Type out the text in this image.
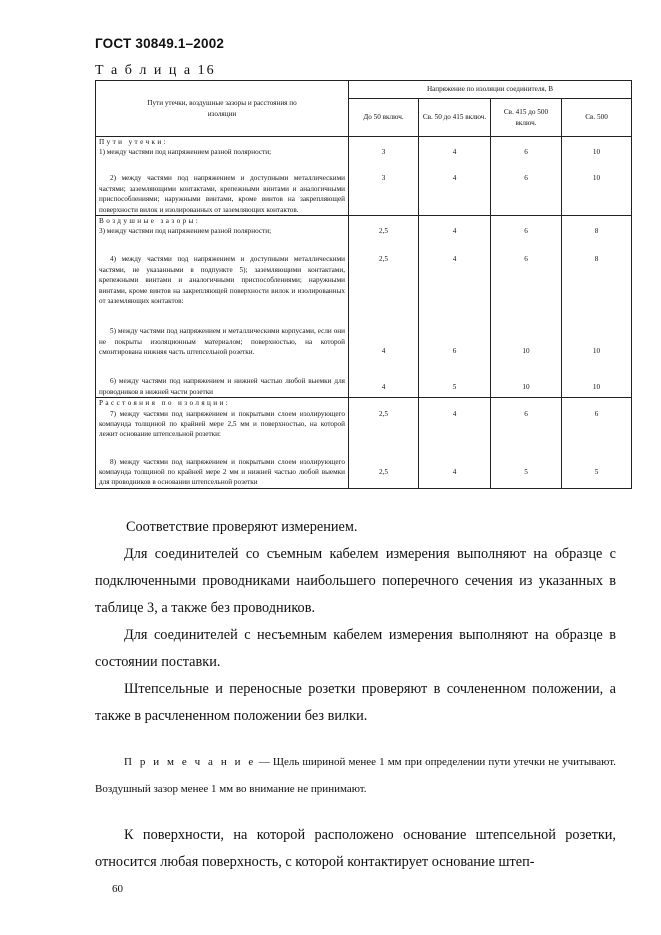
ГОСТ 30849.1–2002
Т а б л и ц а 16
Пути утечки, воздушные зазоры и расстояния по изоляции	Напряжение по изоляции соединителя, В			
	До 50 включ.	Св. 50 до 415 включ.	Св. 415 до 500 включ.	Св. 500
Пути утечки:				
1) между частями под напряжением разной полярности;	3	4	6	10
2) между частями под напряжением и доступными металлическими частями; заземляющими контактами, крепежными винтами и аналогичными приспособлениями; наружными винтами, кроме винтов на закрепляющей поверхности вилок и изолированных от заземляющих контактов.	3	4	6	10
Воздушные зазоры:				
3) между частями под напряжением разной полярности;	2,5	4	6	8
4) между частями под напряжением и доступными металлическими частями, не указанными в подпункте 5); заземляющими контактами, крепежными винтами и аналогичными приспособлениями; наружными винтами, кроме винтов на закрепляющей поверхности вилок и изолированных от заземляющих контактов:	2,5	4	6	8
5) между частями под напряжением и металлическими корпусами, если они не покрыты изоляционным материалом; поверхностью, на которой смонтирована нижняя часть штепсельной розетки.	4	6	10	10
6) между частями под напряжением и нижней частью любой выемки для проводников в нижней части розетки	4	5	10	10
Расстояния по изоляции:				
7) между частями под напряжением и покрытыми слоем изолирующего компаунда толщиной по крайней мере 2,5 мм и поверхностью, на которой лежит основание штепсельной розетки:	2,5	4	6	6
8) между частями под напряжением и покрытыми слоем изолирующего компаунда толщиной по крайней мере 2 мм и нижней частью любой выемки для проводников в основании штепсельной розетки	2,5	4	5	5

Соответствие проверяют измерением.

Для соединителей со съемным кабелем измерения выполняют на образце с подключенными проводниками наибольшего поперечного сечения из указанных в таблице 3, а также без проводников.

Для соединителей с несъемным кабелем измерения выполняют на образце в состоянии поставки.

Штепсельные и переносные розетки проверяют в сочлененном положении, а также в расчлененном положении без вилки.

П р и м е ч а н и е — Щель шириной менее 1 мм при определении пути утечки не учитывают. Воздушный зазор менее 1 мм во внимание не принимают.

К поверхности, на которой расположено основание штепсельной розетки, относится любая поверхность, с которой контактирует основание штеп-

60
